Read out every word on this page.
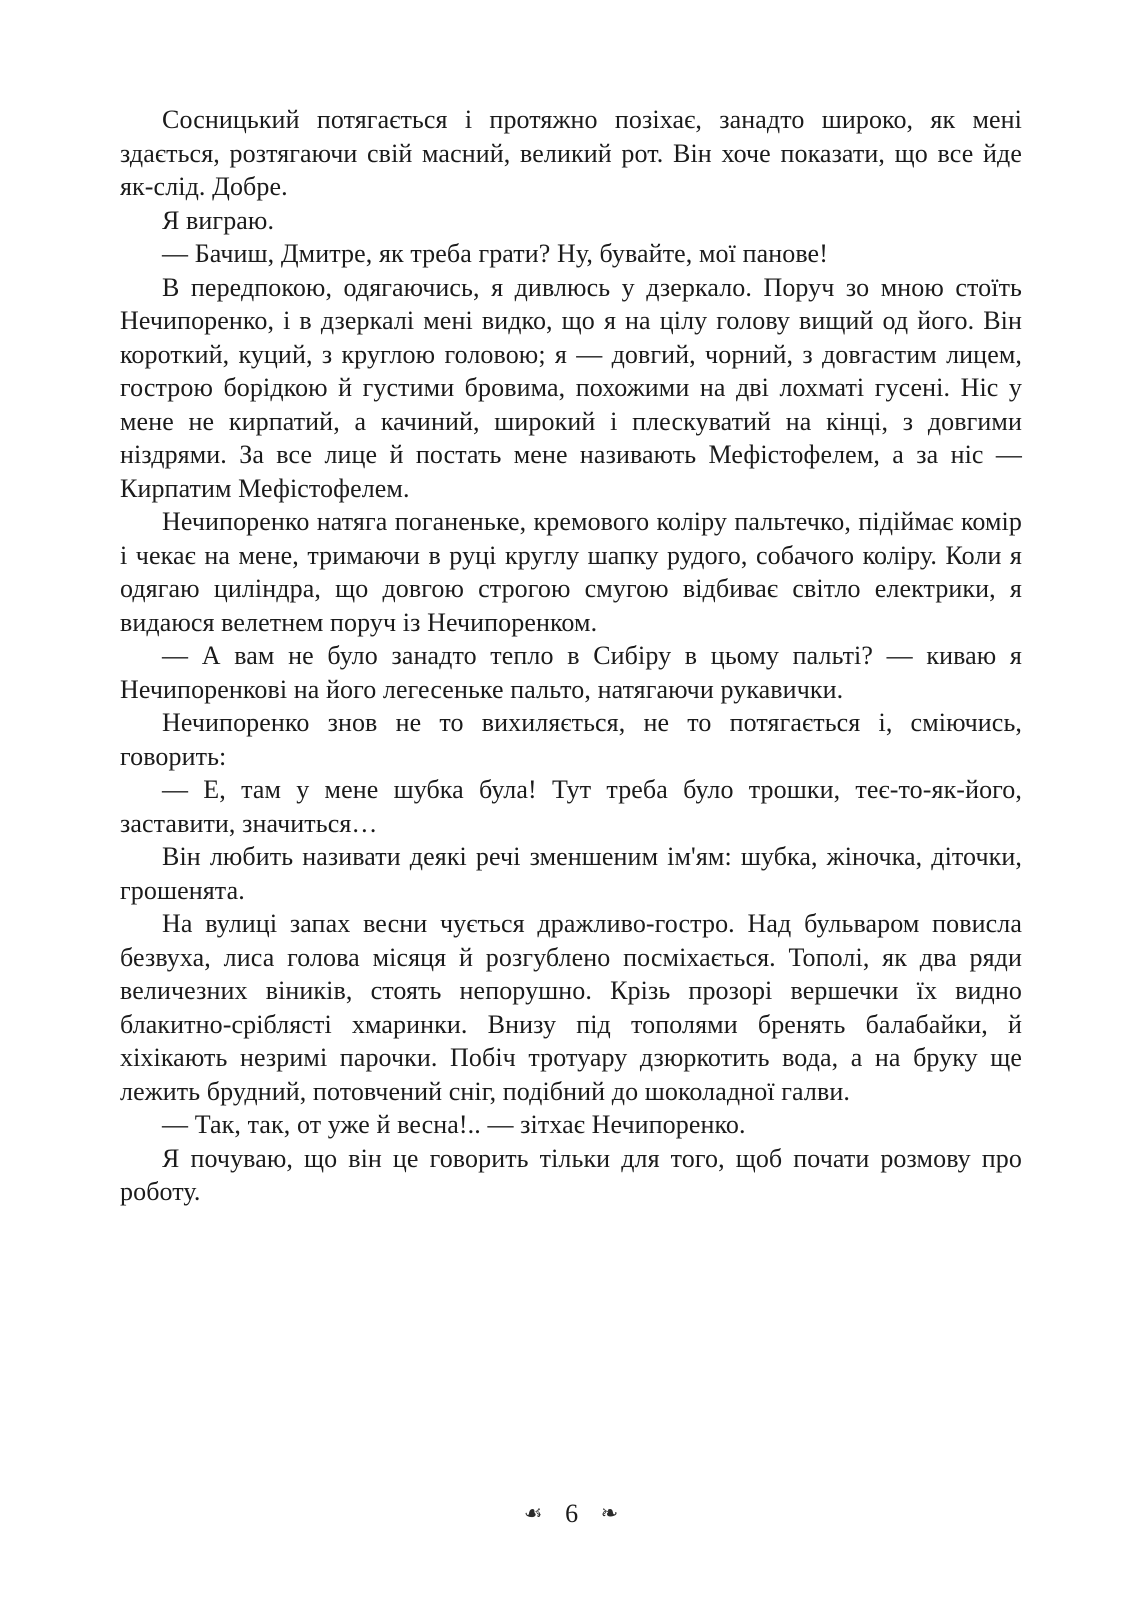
Сосницький потягається і протяжно позіхає, занадто широко, як мені здається, розтягаючи свій масний, великий рот. Він хоче показати, що все йде як-слід. Добре.

Я виграю.

— Бачиш, Дмитре, як треба грати? Ну, бувайте, мої панове!

В передпокою, одягаючись, я дивлюсь у дзеркало. Поруч зо мною стоїть Нечипоренко, і в дзеркалі мені видко, що я на цілу голову вищий од його. Він короткий, куций, з круглою головою; я — довгий, чорний, з довгастим лицем, гострою борідкою й густими бровима, похожими на дві лохматі гусені. Ніс у мене не кирпатий, а качиний, широкий і плескуватий на кінці, з довгими ніздрями. За все лице й постать мене називають Мефістофелем, а за ніс — Кирпатим Мефістофелем.

Нечипоренко натяга поганеньке, кремового коліру пальтечко, підіймає комір і чекає на мене, тримаючи в руці круглу шапку рудого, собачого коліру. Коли я одягаю циліндра, що довгою строгою смугою відбиває світло електрики, я видаюся велетнем поруч із Нечипоренком.

— А вам не було занадто тепло в Сибіру в цьому пальті? — киваю я Нечипоренкові на його легесеньке пальто, натягаючи рукавички.

Нечипоренко знов не то вихиляється, не то потягається і, сміючись, говорить:

— Е, там у мене шубка була! Тут треба було трошки, теє-то-як-його, заставити, значиться…

Він любить називати деякі речі зменшеним ім'ям: шубка, жіночка, діточки, грошенята.

На вулиці запах весни чується дражливо-гостро. Над бульваром повисла безвуха, лиса голова місяця й розгублено посміхається. Тополі, як два ряди величезних віників, стоять непорушно. Крізь прозорі вершечки їх видно блакитно-сріблясті хмаринки. Внизу під тополями бренять балабайки, й хіхікають незримі парочки. Побіч тротуару дзюркотить вода, а на бруку ще лежить брудний, потовчений сніг, подібний до шоколадної галви.

— Так, так, от уже й весна!.. — зітхає Нечипоренко.

Я почуваю, що він це говорить тільки для того, щоб почати розмову про роботу.

☙ 6 ❧
